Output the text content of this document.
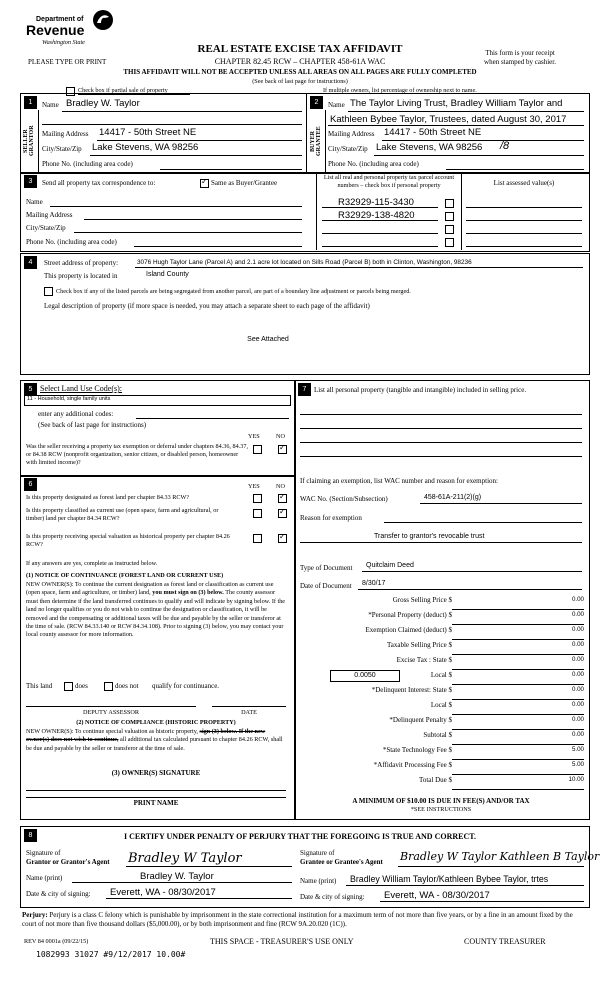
Department of
Revenue
Washington State
PLEASE TYPE OR PRINT
REAL ESTATE EXCISE TAX AFFIDAVIT
CHAPTER 82.45 RCW – CHAPTER 458-61A WAC
THIS AFFIDAVIT WILL NOT BE ACCEPTED UNLESS ALL AREAS ON ALL PAGES ARE FULLY COMPLETED
(See back of last page for instructions)
This form is your receipt
when stamped by cashier.
Check box if partial sale of property	If multiple owners, list percentage of ownership next to name.
1
SELLER GRANTOR
Name Bradley W. Taylor
Mailing Address 14417 - 50th Street NE
City/State/Zip Lake Stevens, WA 98256
Phone No. (including area code)
2
BUYER GRANTEE
Name The Taylor Living Trust, Bradley William Taylor and
Kathleen Bybee Taylor, Trustees, dated August 30, 2017
Mailing Address 14417 - 50th Street NE
City/State/Zip Lake Stevens, WA 98256 /8
Phone No. (including area code)
3	Send all property tax correspondence to:
✓	Same as Buyer/Grantee
Name
Mailing Address
City/State/Zip
Phone No. (including area code)
List all real and personal property tax parcel account numbers – check box if personal property	List assessed value(s)
R32929-115-3430
R32929-138-4820
4	Street address of property:	3076 Hugh Taylor Lane (Parcel A) and 2.1 acre lot located on Sills Road (Parcel B) both in Clinton, Washington, 98236
This property is located in	Island County
Check box if any of the listed parcels are being segregated from another parcel, are part of a boundary line adjustment or parcels being merged.
Legal description of property (if more space is needed, you may attach a separate sheet to each page of the affidavit)
See Attached
5 Select Land Use Code(s):
11 - Household, single family units
enter any additional codes:
(See back of last page for instructions)
YES	NO
Was the seller receiving a property tax exemption or deferral under chapters 84.36, 84.37, or 84.38 RCW (nonprofit organization, senior citizen, or disabled person, homeowner with limited income)?
✓
6	YES	NO
Is this property designated as forest land per chapter 84.33 RCW?
✓
Is this property classified as current use (open space, farm and agricultural, or timber) land per chapter 84.34 RCW?
✓
Is this property receiving special valuation as historical property per chapter 84.26 RCW?
✓
If any answers are yes, complete as instructed below.
(1) NOTICE OF CONTINUANCE (FOREST LAND OR CURRENT USE)
NEW OWNER(S): To continue the current designation as forest land or classification as current use (open space, farm and agriculture, or timber) land, you must sign on (3) below. The county assessor must then determine if the land transferred continues to qualify and will indicate by signing below. If the land no longer qualifies or you do not wish to continue the designation or classification, it will be removed and the compensating or additional taxes will be due and payable by the seller or transferor at the time of sale. (RCW 84.33.140 or RCW 84.34.108). Prior to signing (3) below, you may contact your local county assessor for more information.
This land	does	does not qualify for continuance.
DEPUTY ASSESSOR	DATE
(2) NOTICE OF COMPLIANCE (HISTORIC PROPERTY)
NEW OWNER(S): To continue special valuation as historic property, sign (3) below. If the new owner(s) does not wish to continue, all additional tax calculated pursuant to chapter 84.26 RCW, shall be due and payable by the seller or transferor at the time of sale.
(3) OWNER(S) SIGNATURE
PRINT NAME
7	List all personal property (tangible and intangible) included in selling price.
If claiming an exemption, list WAC number and reason for exemption:
WAC No. (Section/Subsection)	458-61A-211(2)(g)
Reason for exemption
Transfer to grantor's revocable trust
Type of Document Quitclaim Deed
Date of Document 8/30/17
Gross Selling Price $	0.00
*Personal Property (deduct) $	0.00
Exemption Claimed (deduct) $	0.00
Taxable Selling Price $	0.00
Excise Tax : State $	0.00
Local $	0.00
*Delinquent Interest: State $	0.00
Local $	0.00
*Delinquent Penalty $	0.00
Subtotal $	0.00
*State Technology Fee $	5.00
*Affidavit Processing Fee $	5.00
Total Due $	10.00
0.0050
A MINIMUM OF $10.00 IS DUE IN FEE(S) AND/OR TAX
*SEE INSTRUCTIONS
8	I CERTIFY UNDER PENALTY OF PERJURY THAT THE FOREGOING IS TRUE AND CORRECT.
Signature of
Grantor or Grantor's Agent Bradley W Taylor
Name (print)	Bradley W. Taylor
Date & city of signing: Everett, WA - 08/30/2017
Signature of
Grantee or Grantee's Agent Bradley W Taylor Kathleen B Taylor
Name (print) Bradley William Taylor/Kathleen Bybee Taylor, trtes
Date & city of signing: Everett, WA - 08/30/2017
Perjury: Perjury is a class C felony which is punishable by imprisonment in the state correctional institution for a maximum term of not more than five years, or by a fine in an amount fixed by the court of not more than five thousand dollars ($5,000.00), or by both imprisonment and fine (RCW 9A.20.020 (1C)).
REV 84 0001a (09/22/15)	THIS SPACE - TREASURER'S USE ONLY	COUNTY TREASURER
1082993 31027 #9/12/2017 10.00#
